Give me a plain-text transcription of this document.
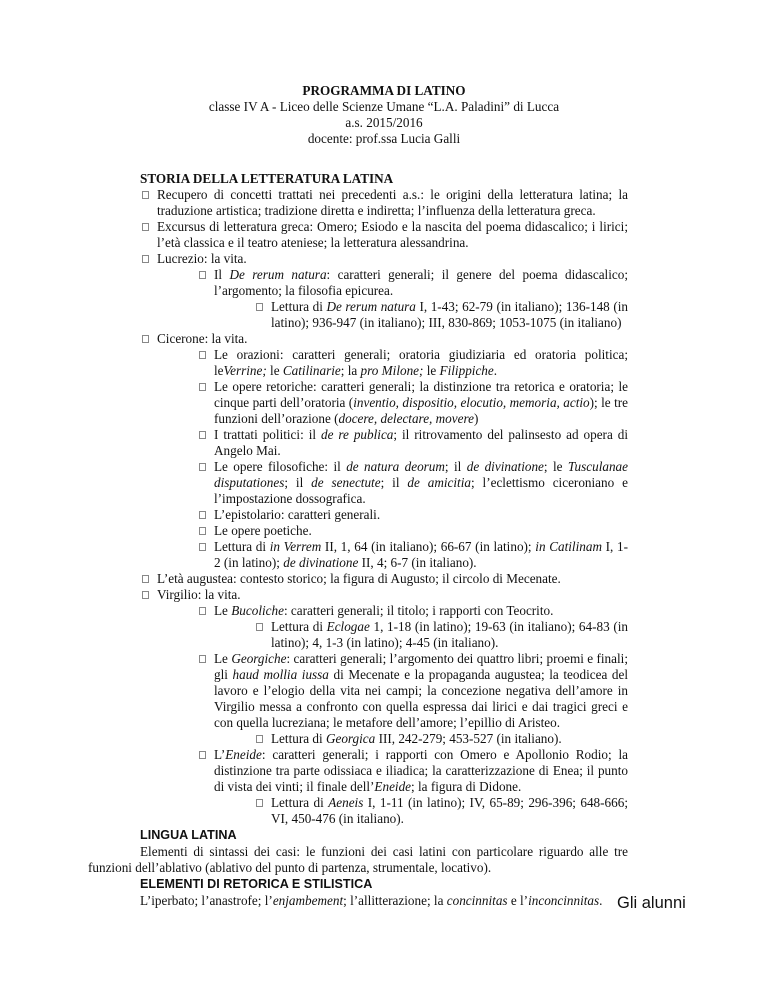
PROGRAMMA DI LATINO
classe IV A - Liceo delle Scienze Umane “L.A. Paladini” di Lucca
a.s. 2015/2016
docente: prof.ssa Lucia Galli
STORIA DELLA LETTERATURA LATINA
Recupero di concetti trattati nei precedenti a.s.: le origini della letteratura latina; la traduzione artistica; tradizione diretta e indiretta; l’influenza della letteratura greca.
Excursus di letteratura greca: Omero; Esiodo e la nascita del poema didascalico; i lirici; l’età classica e il teatro ateniese; la letteratura alessandrina.
Lucrezio: la vita.
Il De rerum natura: caratteri generali; il genere del poema didascalico; l’argomento; la filosofia epicurea.
Lettura di De rerum natura I, 1-43; 62-79 (in italiano); 136-148 (in latino); 936-947 (in italiano); III, 830-869; 1053-1075 (in italiano)
Cicerone: la vita.
Le orazioni: caratteri generali; oratoria giudiziaria ed oratoria politica; leVerrine; le Catilinarie; la pro Milone; le Filippiche.
Le opere retoriche: caratteri generali; la distinzione tra retorica e oratoria; le cinque parti dell’oratoria (inventio, dispositio, elocutio, memoria, actio); le tre funzioni dell’orazione (docere, delectare, movere)
I trattati politici: il de re publica; il ritrovamento del palinsesto ad opera di Angelo Mai.
Le opere filosofiche: il de natura deorum; il de divinatione; le Tusculanae disputationes; il de senectute; il de amicitia; l’eclettismo ciceroniano e l’impostazione dossografica.
L’epistolario: caratteri generali.
Le opere poetiche.
Lettura di in Verrem II, 1, 64 (in italiano); 66-67 (in latino); in Catilinam I, 1-2 (in latino); de divinatione II, 4; 6-7 (in italiano).
L’età augustea: contesto storico; la figura di Augusto; il circolo di Mecenate.
Virgilio: la vita.
Le Bucoliche: caratteri generali; il titolo; i rapporti con Teocrito.
Lettura di Eclogae 1, 1-18 (in latino); 19-63 (in italiano); 64-83 (in latino); 4, 1-3 (in latino); 4-45 (in italiano).
Le Georgiche: caratteri generali; l’argomento dei quattro libri; proemi e finali; gli haud mollia iussa di Mecenate e la propaganda augustea; la teodicea del lavoro e l’elogio della vita nei campi; la concezione negativa dell’amore in Virgilio messa a confronto con quella espressa dai lirici e dai tragici greci e con quella lucreziana; le metafore dell’amore; l’epillio di Aristeo.
Lettura di Georgica III, 242-279; 453-527 (in italiano).
L’Eneide: caratteri generali; i rapporti con Omero e Apollonio Rodio; la distinzione tra parte odissiaca e iliadica; la caratterizzazione di Enea; il punto di vista dei vinti; il finale dell’Eneide; la figura di Didone.
Lettura di Aeneis I, 1-11 (in latino); IV, 65-89; 296-396; 648-666; VI, 450-476 (in italiano).
LINGUA LATINA
Elementi di sintassi dei casi: le funzioni dei casi latini con particolare riguardo alle tre funzioni dell’ablativo (ablativo del punto di partenza, strumentale, locativo).
ELEMENTI DI RETORICA E STILISTICA
L’iperbato; l’anastrofe; l’enjambement; l’allitterazione; la concinnitas e l’inconcinnitas. Gli alunni
